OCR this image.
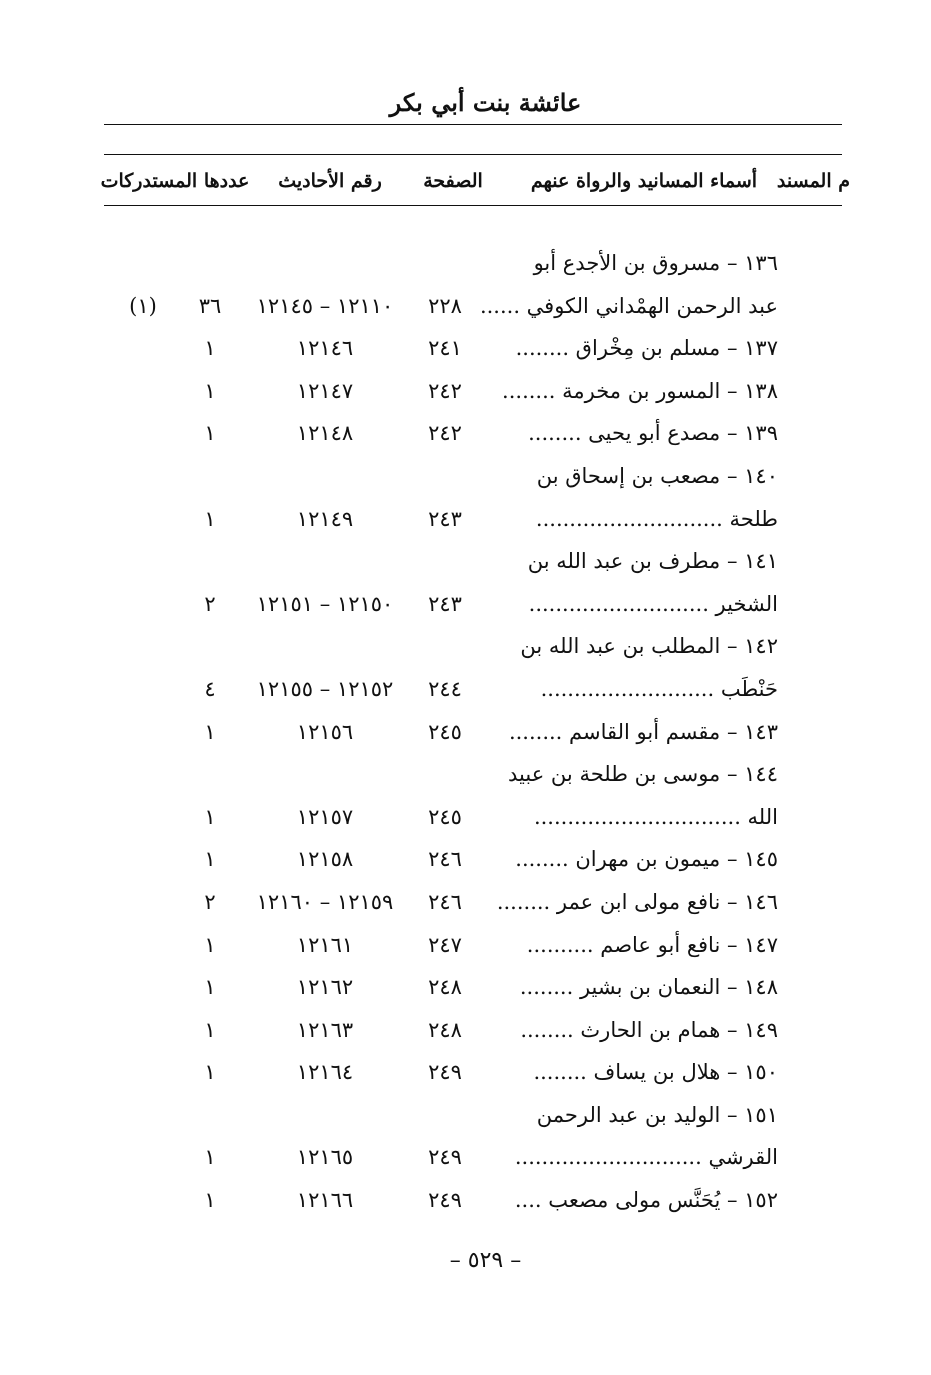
عائشة بنت أبي بكر
م المسند   أسماء المسانيد والرواة عنهم
الصفحة
رقم الأحاديث
عددها المستدركات
١٣٦ – مسروق بن الأجدع أبو
عبد الرحمن الهمْداني الكوفي ......
٢٢٨
١٢١١٠ – ١٢١٤٥
٣٦
(١)
١٣٧ – مسلم بن مِخْراق ........
٢٤١
١٢١٤٦
١
١٣٨ – المسور بن مخرمة ........
٢٤٢
١٢١٤٧
١
١٣٩ – مصدع أبو يحيى ........
٢٤٢
١٢١٤٨
١
١٤٠ – مصعب بن إسحاق بن
طلحة ............................
٢٤٣
١٢١٤٩
١
١٤١ – مطرف بن عبد الله بن
الشخير ...........................
٢٤٣
١٢١٥٠ – ١٢١٥١
٢
١٤٢ – المطلب بن عبد الله بن
حَنْطَب ..........................
٢٤٤
١٢١٥٢ – ١٢١٥٥
٤
١٤٣ – مقسم أبو القاسم ........
٢٤٥
١٢١٥٦
١
١٤٤ – موسى بن طلحة بن عبيد
الله ...............................
٢٤٥
١٢١٥٧
١
١٤٥ – ميمون بن مهران ........
٢٤٦
١٢١٥٨
١
١٤٦ – نافع مولى ابن عمر ........
٢٤٦
١٢١٥٩ – ١٢١٦٠
٢
١٤٧ – نافع أبو عاصم ..........
٢٤٧
١٢١٦١
١
١٤٨ – النعمان بن بشير ........
٢٤٨
١٢١٦٢
١
١٤٩ – همام بن الحارث ........
٢٤٨
١٢١٦٣
١
١٥٠ – هلال بن يساف ........
٢٤٩
١٢١٦٤
١
١٥١ – الوليد بن عبد الرحمن
القرشي ............................
٢٤٩
١٢١٦٥
١
١٥٢ – يُحَنَّس مولى مصعب ....
٢٤٩
١٢١٦٦
١
– ٥٢٩ –
